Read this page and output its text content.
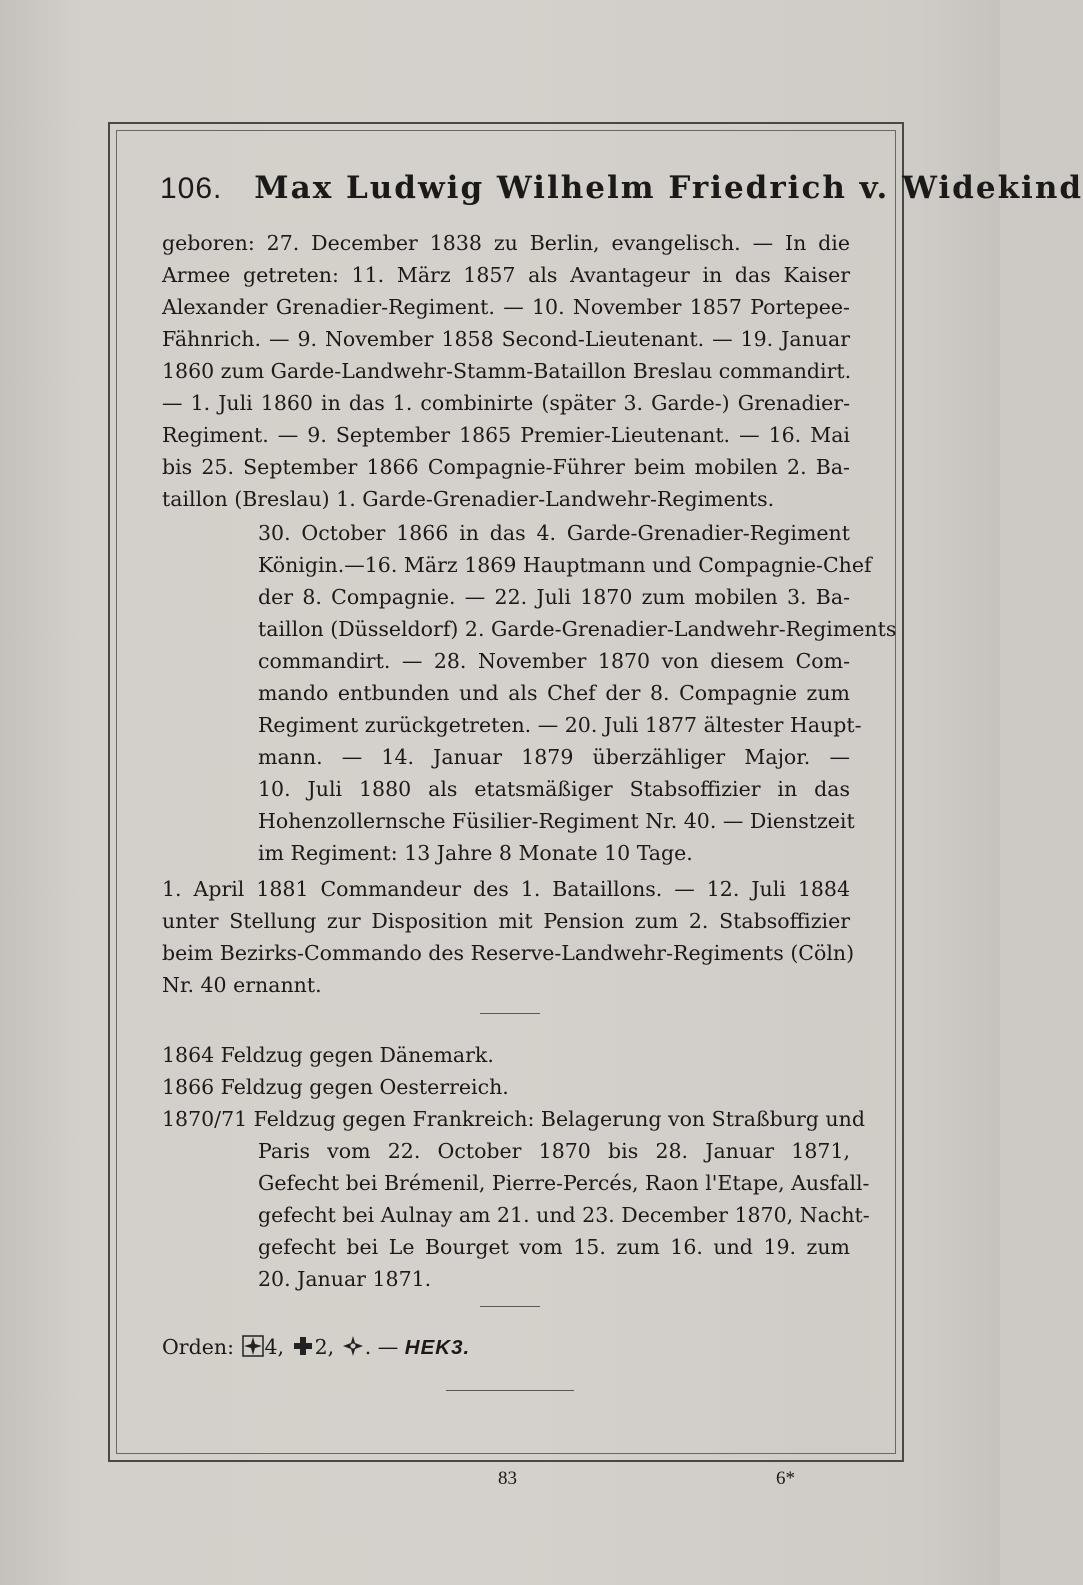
106. Max Ludwig Wilhelm Friedrich v. Widekind
geboren: 27. December 1838 zu Berlin, evangelisch. — In die
Armee getreten: 11. März 1857 als Avantageur in das Kaiser
Alexander Grenadier-Regiment. — 10. November 1857 Portepee-
Fähnrich. — 9. November 1858 Second-Lieutenant. — 19. Januar
1860 zum Garde-Landwehr-Stamm-Bataillon Breslau commandirt.
— 1. Juli 1860 in das 1. combinirte (später 3. Garde-) Grenadier-
Regiment. — 9. September 1865 Premier-Lieutenant. — 16. Mai
bis 25. September 1866 Compagnie-Führer beim mobilen 2. Ba-
taillon (Breslau) 1. Garde-Grenadier-Landwehr-Regiments.
30. October 1866 in das 4. Garde-Grenadier-Regiment
Königin.—16. März 1869 Hauptmann und Compagnie-Chef
der 8. Compagnie. — 22. Juli 1870 zum mobilen 3. Ba-
taillon (Düsseldorf) 2. Garde-Grenadier-Landwehr-Regiments
commandirt. — 28. November 1870 von diesem Com-
mando entbunden und als Chef der 8. Compagnie zum
Regiment zurückgetreten. — 20. Juli 1877 ältester Haupt-
mann. — 14. Januar 1879 überzähliger Major. —
10. Juli 1880 als etatsmäßiger Stabsoffizier in das
Hohenzollernsche Füsilier-Regiment Nr. 40. — Dienstzeit
im Regiment: 13 Jahre 8 Monate 10 Tage.
1. April 1881 Commandeur des 1. Bataillons. — 12. Juli 1884
unter Stellung zur Disposition mit Pension zum 2. Stabsoffizier
beim Bezirks-Commando des Reserve-Landwehr-Regiments (Cöln)
Nr. 40 ernannt.
1864 Feldzug gegen Dänemark.
1866 Feldzug gegen Oesterreich.
1870/71 Feldzug gegen Frankreich: Belagerung von Straßburg und
Paris vom 22. October 1870 bis 28. Januar 1871,
Gefecht bei Brémenil, Pierre-Percés, Raon l'Etape, Ausfall-
gefecht bei Aulnay am 21. und 23. December 1870, Nacht-
gefecht bei Le Bourget vom 15. zum 16. und 19. zum
20. Januar 1871.
Orden: 4, 2, . — HEK3.
83	6*
